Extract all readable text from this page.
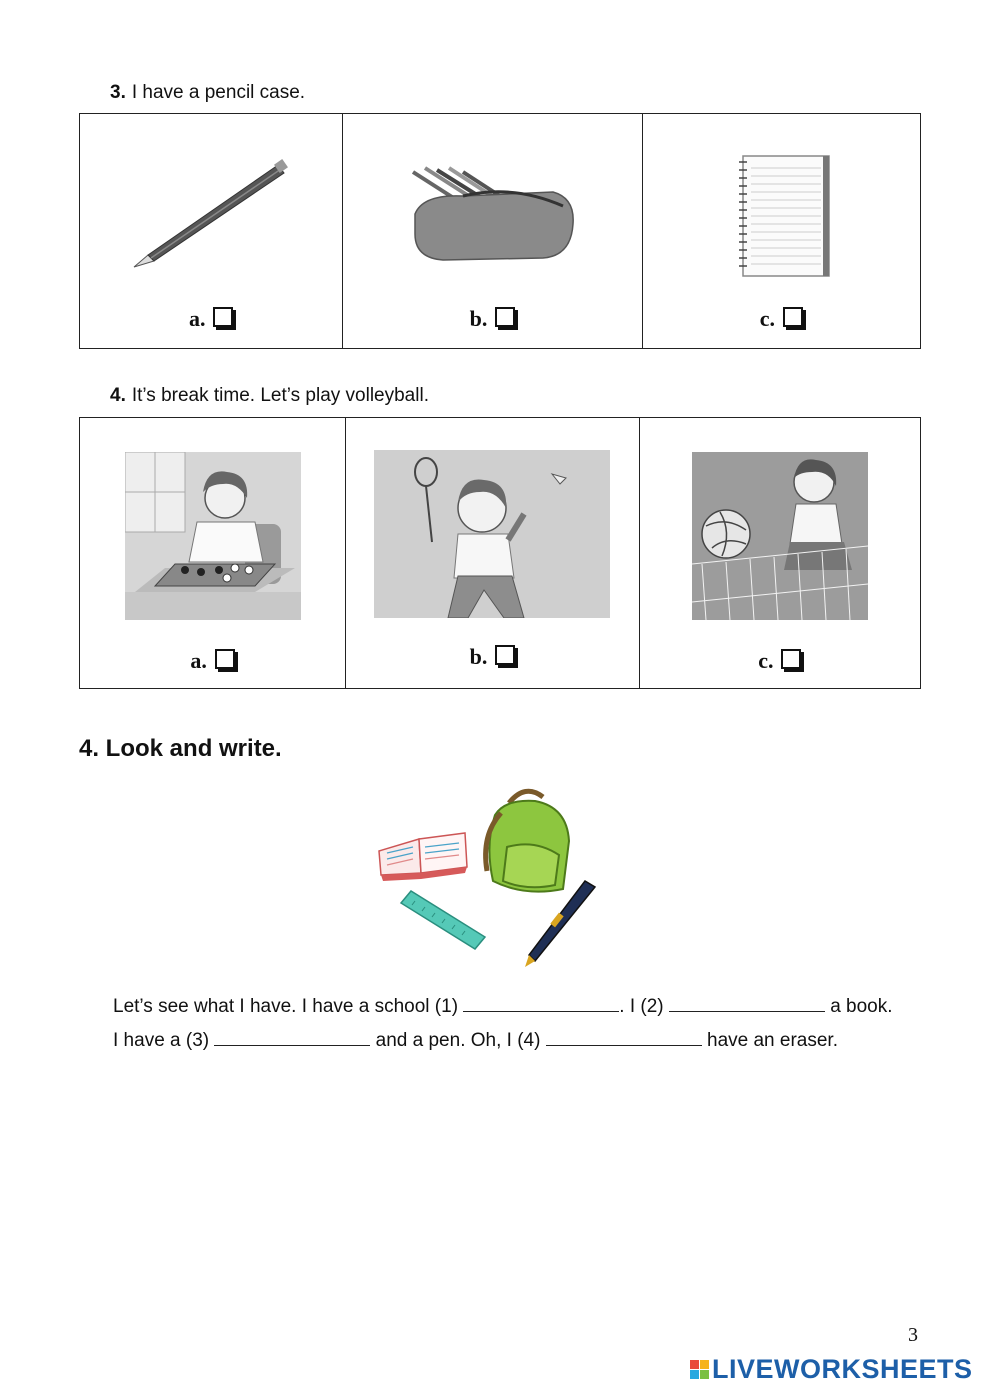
3. I have a pencil case.
a.	b.	c.
4. It’s break time. Let’s play volleyball.
a.	b.	c.
4. Look and write.
Let’s see what I have. I have a school (1)	. I (2)	a book.
I have a (3)	and a pen. Oh, I (4)	have an eraser.
3
LIVEWORKSHEETS
